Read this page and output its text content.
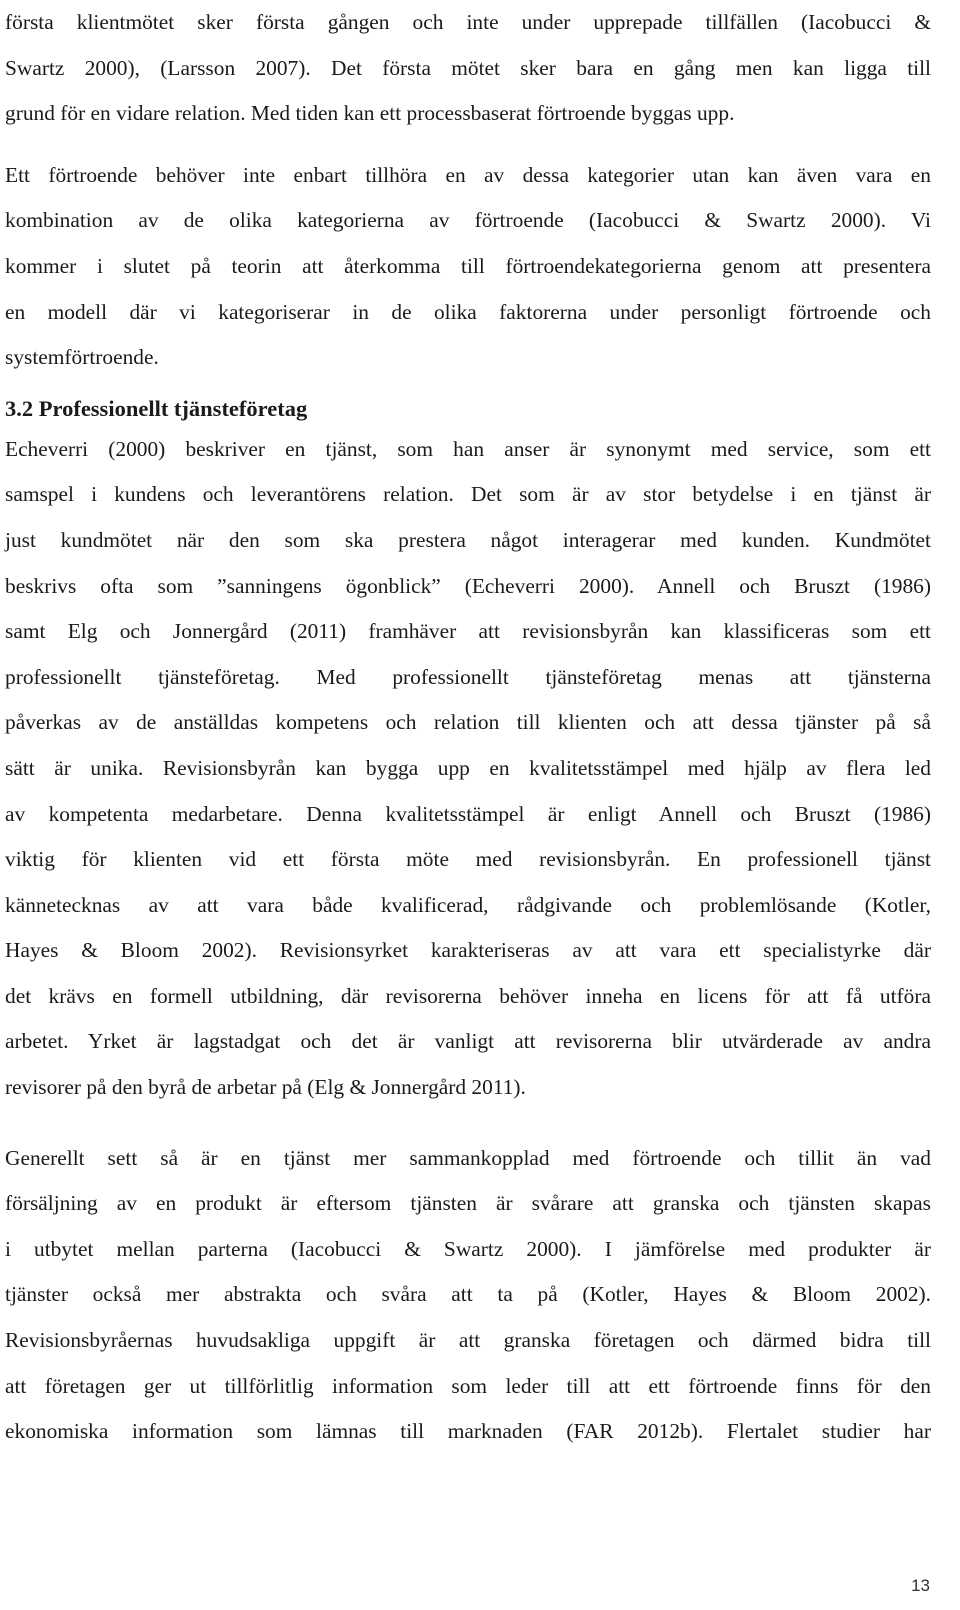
första klientmötet sker första gången och inte under upprepade tillfällen (Iacobucci &
Swartz 2000), (Larsson 2007). Det första mötet sker bara en gång men kan ligga till
grund för en vidare relation. Med tiden kan ett processbaserat förtroende byggas upp.
Ett förtroende behöver inte enbart tillhöra en av dessa kategorier utan kan även vara en
kombination av de olika kategorierna av förtroende (Iacobucci & Swartz 2000). Vi
kommer i slutet på teorin att återkomma till förtroendekategorierna genom att presentera
en modell där vi kategoriserar in de olika faktorerna under personligt förtroende och
systemförtroende.
3.2 Professionellt tjänsteföretag
Echeverri (2000) beskriver en tjänst, som han anser är synonymt med service, som ett
samspel i kundens och leverantörens relation. Det som är av stor betydelse i en tjänst är
just kundmötet när den som ska prestera något interagerar med kunden. Kundmötet
beskrivs ofta som ”sanningens ögonblick” (Echeverri 2000). Annell och Bruszt (1986)
samt Elg och Jonnergård (2011) framhäver att revisionsbyrån kan klassificeras som ett
professionellt tjänsteföretag. Med professionellt tjänsteföretag menas att tjänsterna
påverkas av de anställdas kompetens och relation till klienten och att dessa tjänster på så
sätt är unika. Revisionsbyrån kan bygga upp en kvalitetsstämpel med hjälp av flera led
av kompetenta medarbetare. Denna kvalitetsstämpel är enligt Annell och Bruszt (1986)
viktig för klienten vid ett första möte med revisionsbyrån. En professionell tjänst
kännetecknas av att vara både kvalificerad, rådgivande och problemlösande (Kotler,
Hayes & Bloom 2002). Revisionsyrket karakteriseras av att vara ett specialistyrke där
det krävs en formell utbildning, där revisorerna behöver inneha en licens för att få utföra
arbetet. Yrket är lagstadgat och det är vanligt att revisorerna blir utvärderade av andra
revisorer på den byrå de arbetar på (Elg & Jonnergård 2011).
Generellt sett så är en tjänst mer sammankopplad med förtroende och tillit än vad
försäljning av en produkt är eftersom tjänsten är svårare att granska och tjänsten skapas
i utbytet mellan parterna (Iacobucci & Swartz 2000). I jämförelse med produkter är
tjänster också mer abstrakta och svåra att ta på (Kotler, Hayes & Bloom 2002).
Revisionsbyråernas huvudsakliga uppgift är att granska företagen och därmed bidra till
att företagen ger ut tillförlitlig information som leder till att ett förtroende finns för den
ekonomiska information som lämnas till marknaden (FAR 2012b). Flertalet studier har
13
